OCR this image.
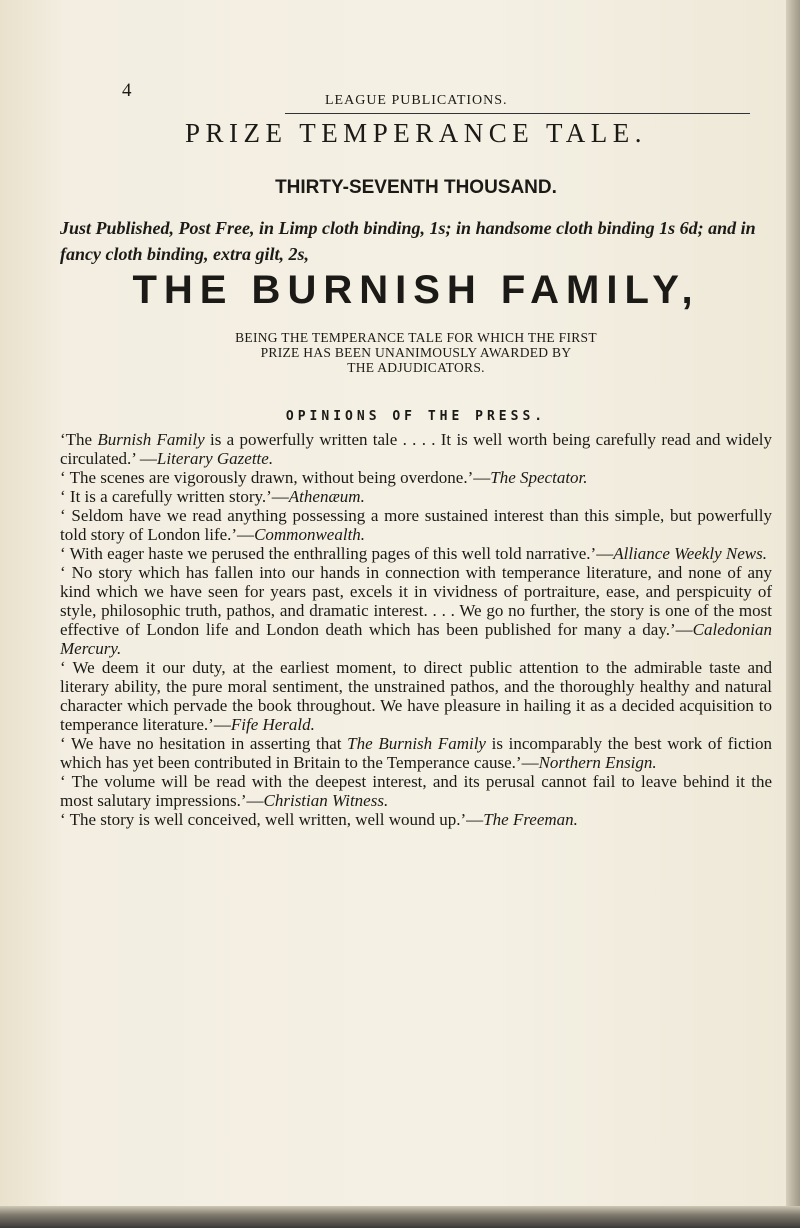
4	LEAGUE PUBLICATIONS.
PRIZE TEMPERANCE TALE.
THIRTY-SEVENTH THOUSAND.
Just Published, Post Free, in Limp cloth binding, 1s; in handsome cloth binding 1s 6d; and in fancy cloth binding, extra gilt, 2s,
THE BURNISH FAMILY,
BEING THE TEMPERANCE TALE FOR WHICH THE FIRST
PRIZE HAS BEEN UNANIMOUSLY AWARDED BY
THE ADJUDICATORS.
OPINIONS OF THE PRESS.

‘The Burnish Family is a powerfully written tale . . . . It is well worth being carefully read and widely circulated.’ —Literary Gazette.

‘ The scenes are vigorously drawn, without being overdone.’—The Spectator.

‘ It is a carefully written story.’—Athenæum.

‘ Seldom have we read anything possessing a more sustained interest than this simple, but powerfully told story of London life.’—Commonwealth.

‘ With eager haste we perused the enthralling pages of this well told narrative.’—Alliance Weekly News.

‘ No story which has fallen into our hands in connection with temperance literature, and none of any kind which we have seen for years past, excels it in vividness of portraiture, ease, and perspicuity of style, philosophic truth, pathos, and dramatic interest. . . . We go no further, the story is one of the most effective of London life and London death which has been published for many a day.’—Caledonian Mercury.

‘ We deem it our duty, at the earliest moment, to direct public attention to the admirable taste and literary ability, the pure moral sentiment, the unstrained pathos, and the thoroughly healthy and natural character which pervade the book throughout. We have pleasure in hailing it as a decided acquisition to temperance literature.’—Fife Herald.

‘ We have no hesitation in asserting that The Burnish Family is incomparably the best work of fiction which has yet been contributed in Britain to the Temperance cause.’—Northern Ensign.

‘ The volume will be read with the deepest interest, and its perusal cannot fail to leave behind it the most salutary impressions.’—Christian Witness.

‘ The story is well conceived, well written, well wound up.’—The Freeman.
